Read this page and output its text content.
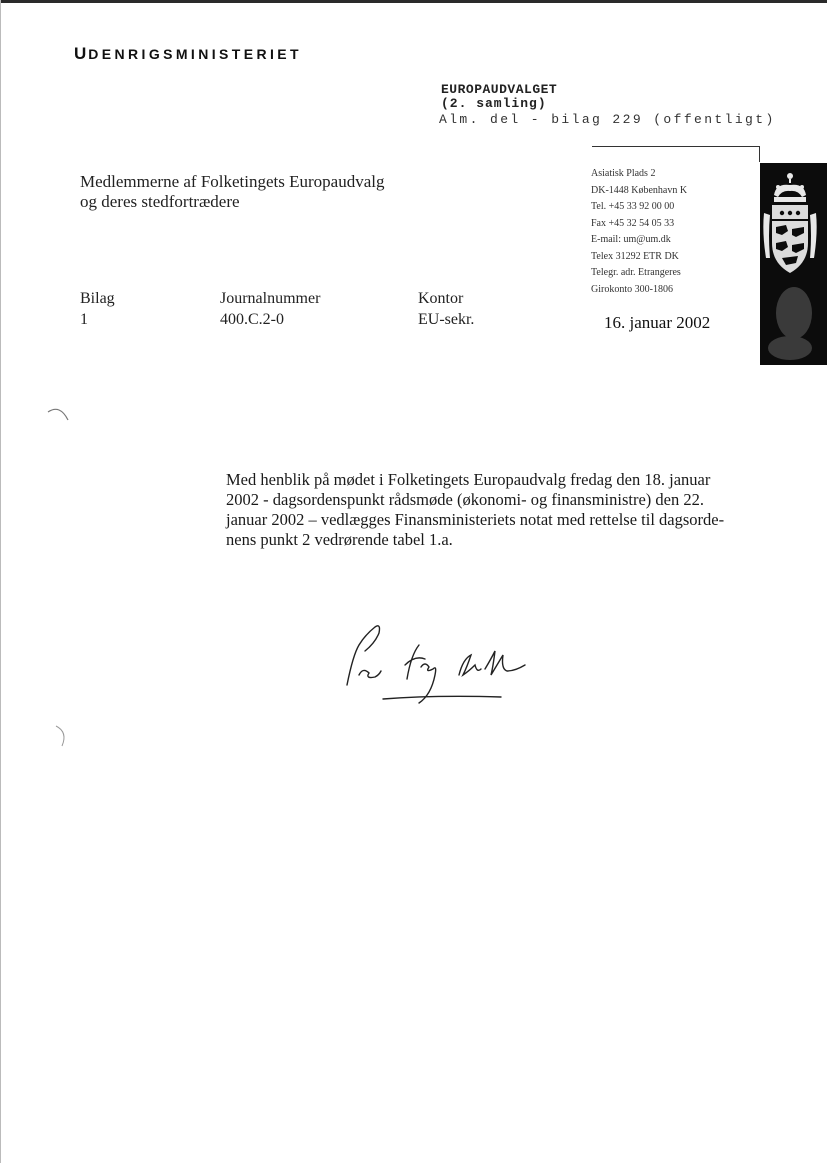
UDENRIGSMINISTERIET
EUROPAUDVALGET
(2. samling)
Alm. del - bilag 229 (offentligt)
Medlemmerne af Folketingets Europaudvalg
og deres stedfortrædere
Asiatisk Plads 2
DK-1448 København K
Tel. +45 33 92 00 00
Fax +45 32 54 05 33
E-mail: um@um.dk
Telex 31292 ETR DK
Telegr. adr. Etrangeres
Girokonto 300-1806
Bilag
1
Journalnummer
400.C.2-0
Kontor
EU-sekr.	16. januar 2002
Med henblik på mødet i Folketingets Europaudvalg fredag den 18. januar
2002 - dagsordenspunkt rådsmøde (økonomi- og finansministre) den 22.
januar 2002 – vedlægges Finansministeriets notat med rettelse til dagsorde-
nens punkt 2 vedrørende tabel 1.a.
